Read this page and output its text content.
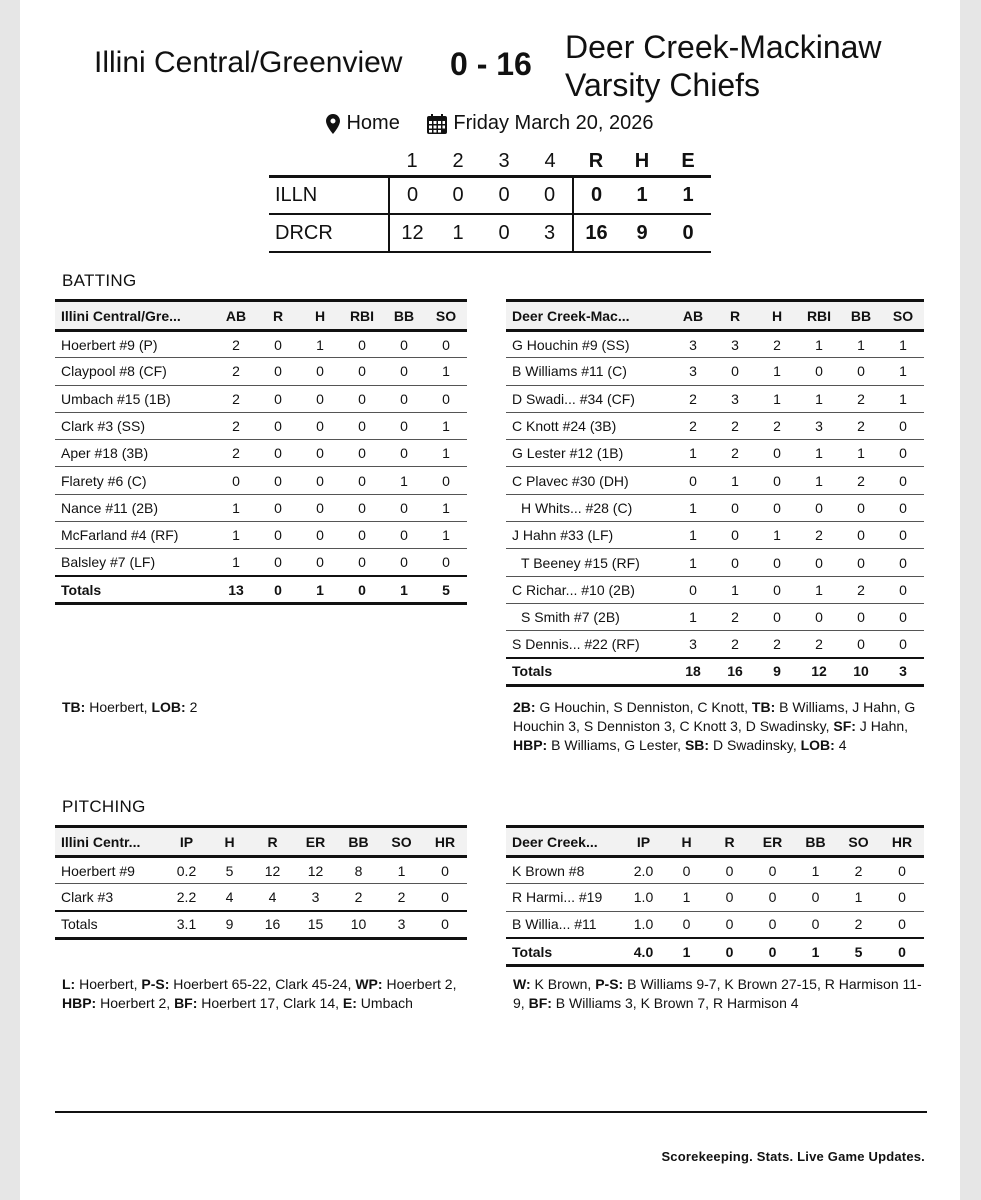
Illini Central/Greenview 0 - 16 Deer Creek-Mackinaw
Varsity Chiefs
Home
	Friday March 20, 2026
	1	2	3	4	R	H	E
ILLN	0	0	0	0	0	1	1
DRCR	12	1	0	3	16	9	0
BATTING
Illini Central/Gre...	AB	R	H	RBI	BB	SO
Hoerbert #9 (P)	2	0	1	0	0	0
Claypool #8 (CF)	2	0	0	0	0	1
Umbach #15 (1B)	2	0	0	0	0	0
Clark #3 (SS)	2	0	0	0	0	1
Aper #18 (3B)	2	0	0	0	0	1
Flarety #6 (C)	0	0	0	0	1	0
Nance #11 (2B)	1	0	0	0	0	1
McFarland #4 (RF)	1	0	0	0	0	1
Balsley #7 (LF)	1	0	0	0	0	0
Totals	13	0	1	0	1	5
Deer Creek-Mac...	AB	R	H	RBI	BB	SO
G Houchin #9 (SS)	3	3	2	1	1	1
B Williams #11 (C)	3	0	1	0	0	1
D Swadi... #34 (CF)	2	3	1	1	2	1
C Knott #24 (3B)	2	2	2	3	2	0
G Lester #12 (1B)	1	2	0	1	1	0
C Plavec #30 (DH)	0	1	0	1	2	0
H Whits... #28 (C)	1	0	0	0	0	0
J Hahn #33 (LF)	1	0	1	2	0	0
T Beeney #15 (RF)	1	0	0	0	0	0
C Richar... #10 (2B)	0	1	0	1	2	0
S Smith #7 (2B)	1	2	0	0	0	0
S Dennis... #22 (RF)	3	2	2	2	0	0
Totals	18	16	9	12	10	3
TB: Hoerbert, LOB: 2	2B: G Houchin, S Denniston, C Knott, TB: B Williams, J Hahn, G Houchin 3, S Denniston 3, C Knott 3, D Swadinsky, SF: J Hahn, HBP: B Williams, G Lester, SB: D Swadinsky, LOB: 4
PITCHING
Illini Centr...	IP	H	R	ER	BB	SO	HR
Hoerbert #9	0.2	5	12	12	8	1	0
Clark #3	2.2	4	4	3	2	2	0
Totals	3.1	9	16	15	10	3	0
Deer Creek...	IP	H	R	ER	BB	SO	HR
K Brown #8	2.0	0	0	0	1	2	0
R Harmi... #19	1.0	1	0	0	0	1	0
B Willia... #11	1.0	0	0	0	0	2	0
Totals	4.0	1	0	0	1	5	0
L: Hoerbert, P-S: Hoerbert 65-22, Clark 45-24, WP: Hoerbert 2, HBP: Hoerbert 2, BF: Hoerbert 17, Clark 14, E: Umbach
W: K Brown, P-S: B Williams 9-7, K Brown 27-15, R Harmison 11-9, BF: B Williams 3, K Brown 7, R Harmison 4
Scorekeeping. Stats. Live Game Updates.
